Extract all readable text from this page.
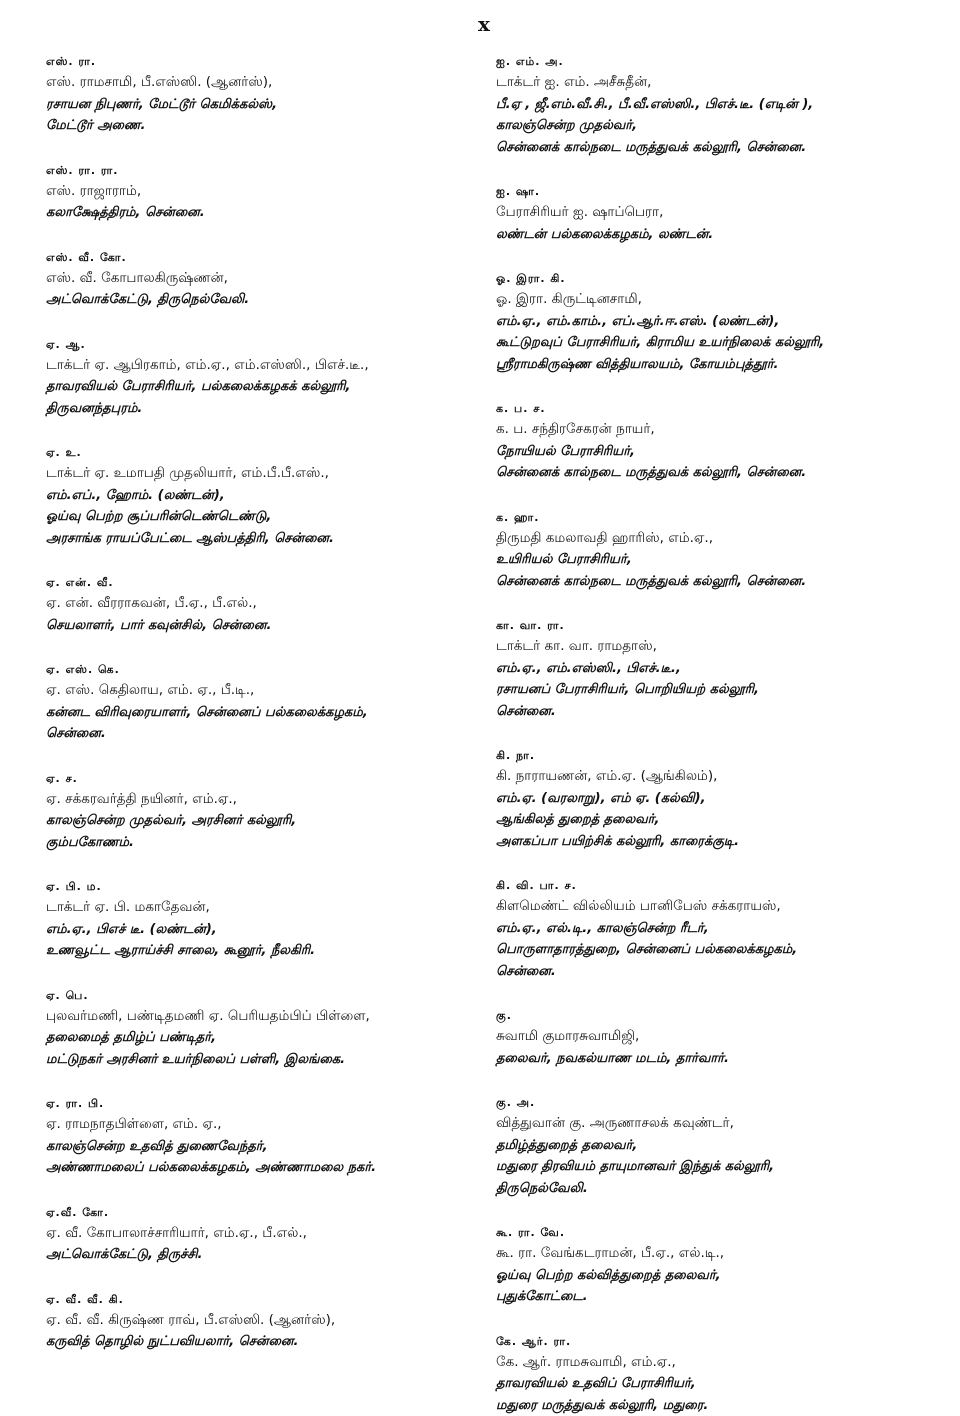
x
எஸ். ரா.
எஸ். ராமசாமி, பீ.எஸ்ஸி. (ஆனர்ஸ்),
ரசாயன நிபுணர், மேட்டூர் கெமிக்கல்ஸ்,
மேட்டூர் அணை.
எஸ். ரா. ரா.
எஸ். ராஜாராம்,
கலாக்ஷேத்திரம், சென்னை.
எஸ். வீ. கோ.
எஸ். வீ. கோபாலகிருஷ்ணன்,
அட்வொக்கேட்டு, திருநெல்வேலி.
ஏ. ஆ.
டாக்டர் ஏ. ஆபிரகாம், எம்.ஏ., எம்.எஸ்ஸி., பிஎச்.டீ.,
தாவரவியல் பேராசிரியர், பல்கலைக்கழகக் கல்லூரி,
திருவனந்தபுரம்.
ஏ. உ.
டாக்டர் ஏ. உமாபதி முதலியார், எம்.பீ.பீ.எஸ்.,
எம்.எப்., ஹோம். (லண்டன்),
ஓய்வு பெற்ற சூப்பரின்டெண்டெண்டு,
அரசாங்க ராயப்பேட்டை ஆஸ்பத்திரி, சென்னை.
ஏ. என். வீ.
ஏ. என். வீரராகவன், பீ.ஏ., பீ.எல்.,
செயலாளர், பார் கவுன்சில், சென்னை.
ஏ. எஸ். கெ.
ஏ. எஸ். கெதிலாய, எம். ஏ., பீ.டி.,
கன்னட விரிவுரையாளர், சென்னைப் பல்கலைக்கழகம்,
சென்னை.
ஏ. ச.
ஏ. சக்கரவர்த்தி நயினர், எம்.ஏ.,
காலஞ்சென்ற முதல்வர், அரசினர் கல்லூரி,
கும்பகோணம்.
ஏ. பி. ம.
டாக்டர் ஏ. பி. மகாதேவன்,
எம்.ஏ., பிஎச் டீ. (லண்டன்),
உணவூட்ட ஆராய்ச்சி சாலை, கூனூர், நீலகிரி.
ஏ. பெ.
புலவர்மணி, பண்டிதமணி ஏ. பெரியதம்பிப் பிள்ளை,
தலைமைத் தமிழ்ப் பண்டிதர்,
மட்டுநகர் அரசினர் உயர்நிலைப் பள்ளி, இலங்கை.
ஏ. ரா. பி.
ஏ. ராமநாதபிள்ளை, எம். ஏ.,
காலஞ்சென்ற உதவித் துணைவேந்தர்,
அண்ணாமலைப் பல்கலைக்கழகம், அண்ணாமலை நகர்.
ஏ.வீ. கோ.
ஏ. வீ. கோபாலாச்சாரியார், எம்.ஏ., பீ.எல்.,
அட்வொக்கேட்டு, திருச்சி.
ஏ. வீ. வீ. கி.
ஏ. வீ. வீ. கிருஷ்ண ராவ், பீ.எஸ்ஸி. (ஆனர்ஸ்),
கருவித் தொழில் நுட்பவியலார், சென்னை.
ஐ. எம். அ.
டாக்டர் ஐ. எம். அசீசுதீன்,
பீ.ஏ , ஜீ.எம்.வீ.சி., பீ.வீ.எஸ்ஸி., பிஎச்.டீ. (எடின் ),
காலஞ்சென்ற முதல்வர்,
சென்னைக் கால்நடை மருத்துவக் கல்லூரி, சென்னை.
ஐ. ஷா.
பேராசிரியர் ஐ. ஷாப்பெரா,
லண்டன் பல்கலைக்கழகம், லண்டன்.
ஓ. இரா. கி.
ஓ. இரா. கிருட்டினசாமி,
எம்.ஏ., எம்.காம்., எப்.ஆர்.ஈ.எஸ். (லண்டன்),
கூட்டுறவுப் பேராசிரியர், கிராமிய உயர்நிலைக் கல்லூரி,
ஸ்ரீராமகிருஷ்ண வித்தியாலயம், கோயம்புத்தூர்.
க. ப. ச.
க. ப. சந்திரசேகரன் நாயர்,
நோயியல் பேராசிரியர்,
சென்னைக் கால்நடை மருத்துவக் கல்லூரி, சென்னை.
க. ஹா.
திருமதி கமலாவதி ஹாரிஸ், எம்.ஏ.,
உயிரியல் பேராசிரியர்,
சென்னைக் கால்நடை மருத்துவக் கல்லூரி, சென்னை.
கா. வா. ரா.
டாக்டர் கா. வா. ராமதாஸ்,
எம்.ஏ., எம்.எஸ்ஸி., பிஎச்.டீ.,
ரசாயனப் பேராசிரியர், பொறியியற் கல்லூரி,
சென்னை.
கி. நா.
கி. நாராயணன், எம்.ஏ. (ஆங்கிலம்),
எம்.ஏ. (வரலாறு), எம் ஏ. (கல்வி),
ஆங்கிலத் துறைத் தலைவர்,
அளகப்பா பயிற்சிக் கல்லூரி, காரைக்குடி.
கி. வி. பா. ச.
கிளமெண்ட் வில்லியம் பானிபேஸ் சக்கராயஸ்,
எம்.ஏ., எல்.டி., காலஞ்சென்ற ரீடர்,
பொருளாதாரத்துறை, சென்னைப் பல்கலைக்கழகம்,
சென்னை.
கு.
சுவாமி குமாரசுவாமிஜி,
தலைவர், நவகல்யாண மடம், தார்வார்.
கு. அ.
வித்துவான் கு. அருணாசலக் கவுண்டர்,
தமிழ்த்துறைத் தலைவர்,
மதுரை திரவியம் தாயுமானவர் இந்துக் கல்லூரி,
திருநெல்வேலி.
கூ. ரா. வே.
கூ. ரா. வேங்கடராமன், பீ.ஏ., எல்.டி.,
ஓய்வு பெற்ற கல்வித்துறைத் தலைவர்,
புதுக்கோட்டை.
கே. ஆர். ரா.
கே. ஆர். ராமசுவாமி, எம்.ஏ.,
தாவரவியல் உதவிப் பேராசிரியர்,
மதுரை மருத்துவக் கல்லூரி, மதுரை.
